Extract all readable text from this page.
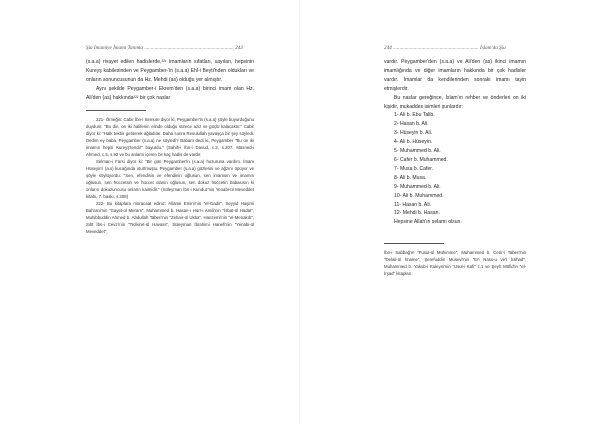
Şia İmamiye İmamı Tanıma ..................................................................... 243

(s.a.a) rivayet edilen hadislerde,²²¹ imamların sıfatları, sayıları, hepsinin Kureyş kabilesinden ve Peygamber-'in (s.a.a) Ehl-i Beyti'nden oldukları ve onların sonuncusunun da Hz. Mehdi (as) olduğu yer almıştır.

Aynı şekilde Peygamber-i Ekrem'den (s.a.a) birinci imam olan Hz. Ali'den (as) hakkında²²² bir çok naslar

221- Örneğin: Cabir İbn-i Semure diyor ki, Peygamber'in (s.a.a) şöyle buyurduğunu duydum: "Bu din, on iki halifenin elinde olduğu sürece aziz ve güçlü kalacaktır." Cabir diyor ki: "Halk tekbir getirerek ağladılar. Daha sonra Resulullah yavaşça bir şey söyledi. Dedim ey baba, Peygamber (s.a.a) ne söyledi? Babam dedi ki, Peygamber "Bu on iki imamın hepsi Kureyş'tendir" buyurdu." (Sahih-i İbn-i Davud, c.2, s.207. Müsned-i Ahmed, c.5, s.92 ve bu anlamı içeren bir kaç hadis de vardır.

Selman-i Farsi diyor ki: "Bir gün Peygamber'in (s.a.a) huzuruna vardım. İmam Hüseyin'i (a.s) kucağında oturtmuştu. Peygamber (s.a.a) gözlerini ve ağzını öpüyor ve şöyle söylüyordu: "Sen, efendisin ve efendinin oğlusun, sen imamsın ve imamın oğlusun, sen hüccetsin ve hüccet olanın oğlusun, sen dokuz hüccetin babasısın ki onların dokuzuncusu onların kaimidir." (Süleyman İbn-i Kunduz'nin Yenabi-ül Meveddet kitabı, 7. baskı, s.308)

222- Bu kitaplara müracaat ediniz: Allame Emini'nin "el-Gadir", Seyyid Haşimi Bahrani'nin "Gayet-ül Meram", Muhammed b. Hasan-ı Hürr-i Amili'nin "İsbat-ül Hüdat", Muhibbuddin Ahmed b. Abdullah Taberi'nin "Zehair-ül Ukba", Hanzemi'nin "el-Menakıb", Sibt İbn-i Cevzi'nin "Tezkiret-ül Havass", Süleyman İbrahimi Hanefi'nin "Yenabi-ül Meveddet",

244 .................................................................. İslam'da Şia

vardır. Peygamber'den (s.a.a) ve Ali'den (as) ikinci imamın imamlığında ve diğer imamların hakkında bir çok hadisler vardır. İmamlar da kendilerinden sonraki imamı tayin etmişlerdir.

Bu naslar gereğince, İslam'ın rehber ve önderleri on iki kişidir, mukaddes isimleri şunlardır:

1- Ali b. Ebu Talib.
2- Hasan b. Ali.
3- Hüseyin b. Ali.
4- Ali b. Hüseyin.
5- Muhammed b. Ali.
6- Cafer b. Muhammed.
7- Musa b. Cafer.
8- Ali b. Musa.
9- Muhammed b. Ali.
10- Ali b. Muhammed.
11- Hasan b. Ali.
12- Mehdi b. Hasan.

Hepsine Allah'ın selamı olsun.

İbn-i Sabbağ'ın "Fusul-ül Mühimme", Muhammed b. Cerir-i Taberi'nin "Delail-ül İmame", Şerefuddin Musevi'nin "En Nass-u ve'l İctihad", Muhammed b. Yakub-i Kuleyni'nin "Usul-i Kafi" c.1 ve Şeyh Müfid'in "el-İrşad" kitapları.
